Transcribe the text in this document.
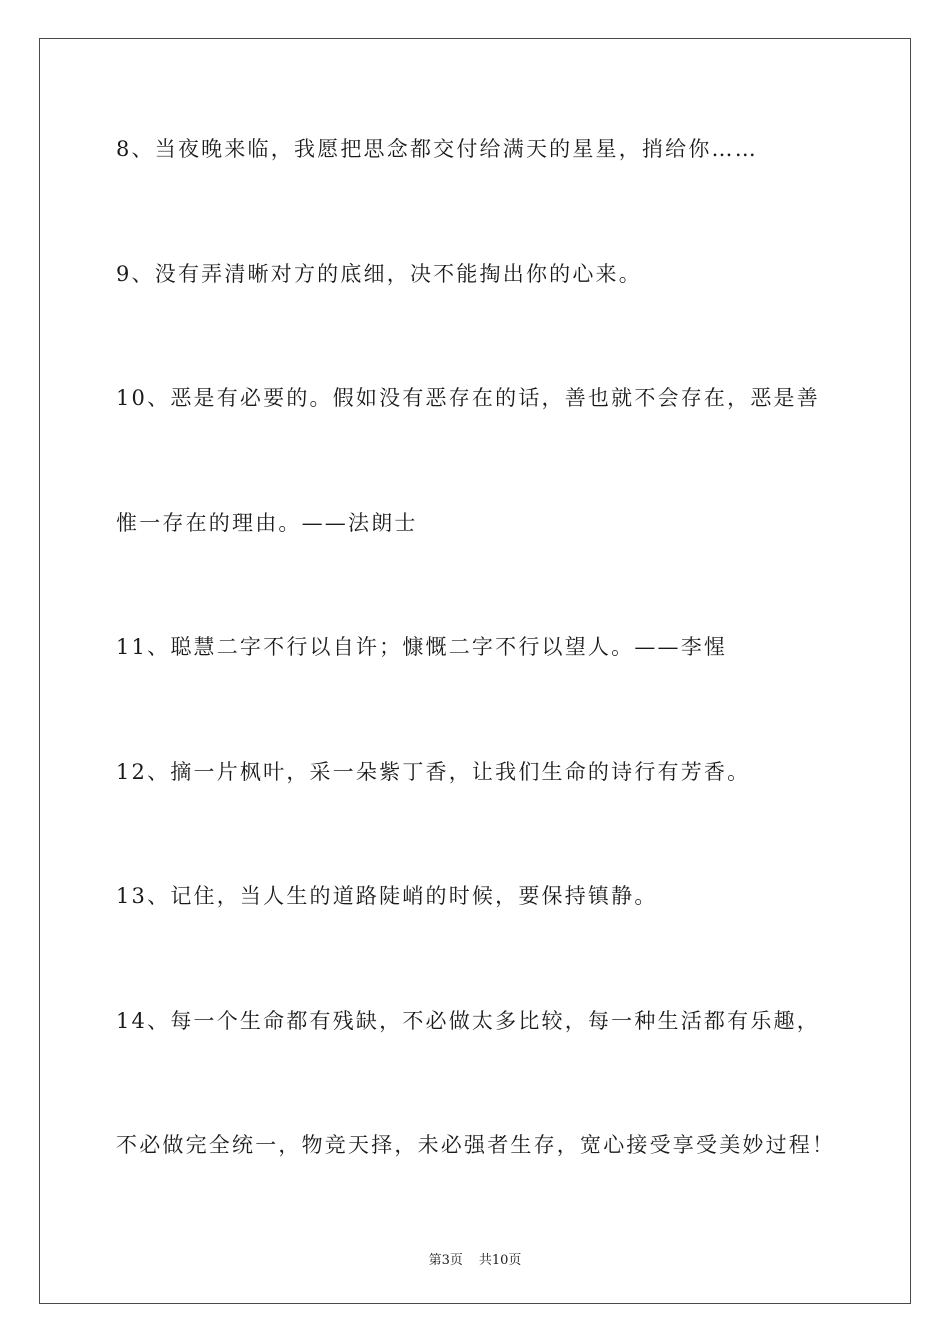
8、当夜晚来临，我愿把思念都交付给满天的星星，捎给你……
9、没有弄清晰对方的底细，决不能掏出你的心来。
10、恶是有必要的。假如没有恶存在的话，善也就不会存在，恶是善
惟一存在的理由。——法朗士
11、聪慧二字不行以自许；慷慨二字不行以望人。——李惺
12、摘一片枫叶，采一朵紫丁香，让我们生命的诗行有芳香。
13、记住，当人生的道路陡峭的时候，要保持镇静。
14、每一个生命都有残缺，不必做太多比较，每一种生活都有乐趣，
不必做完全统一，物竞天择，未必强者生存，宽心接受享受美妙过程！
第3页 共10页
